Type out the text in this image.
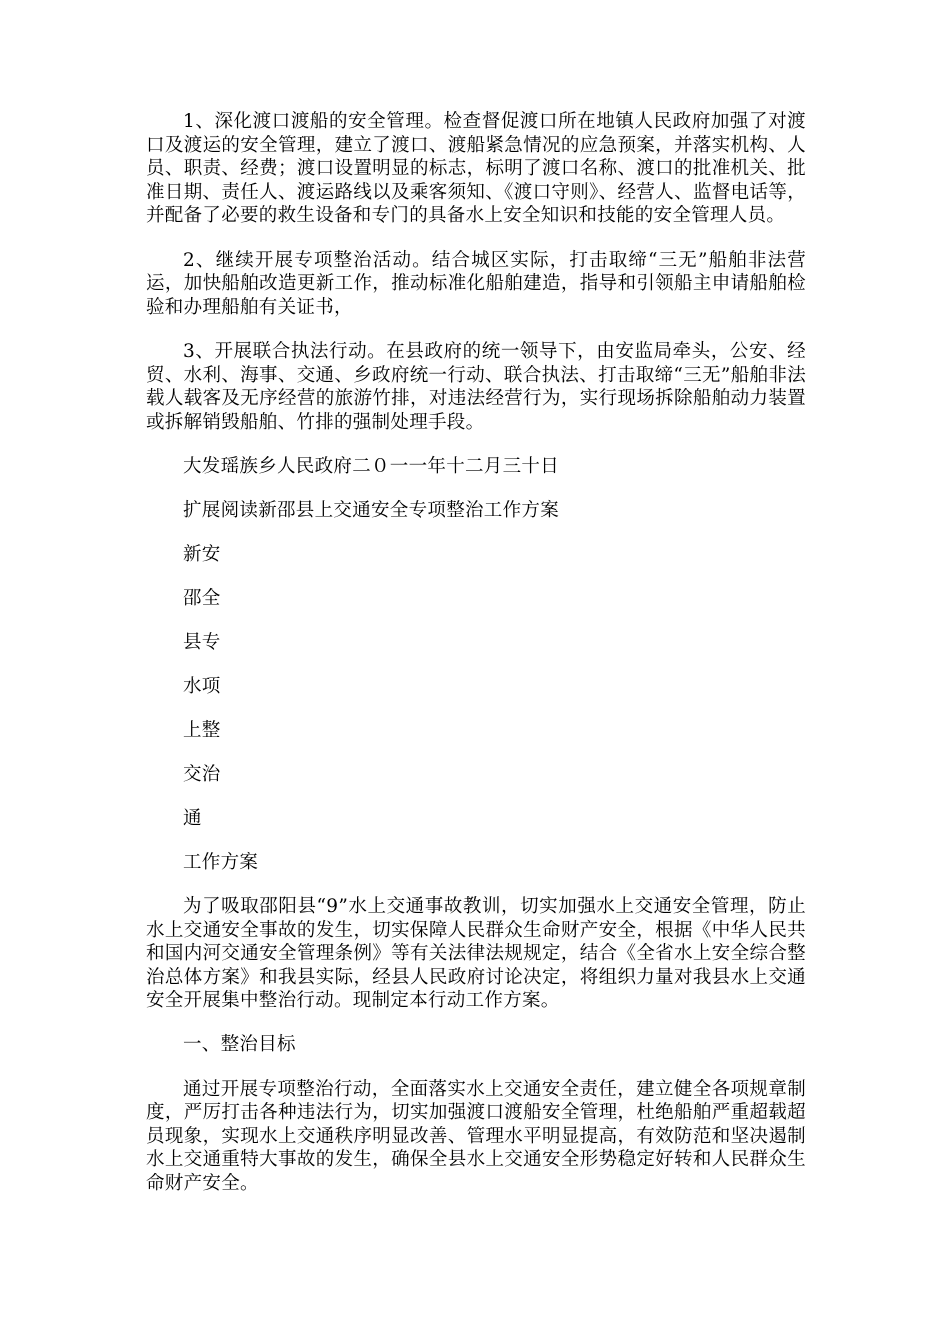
1、深化渡口渡船的安全管理。检查督促渡口所在地镇人民政府加强了对渡口及渡运的安全管理，建立了渡口、渡船紧急情况的应急预案，并落实机构、人员、职责、经费；渡口设置明显的标志，标明了渡口名称、渡口的批准机关、批准日期、责任人、渡运路线以及乘客须知、《渡口守则》、经营人、监督电话等，并配备了必要的救生设备和专门的具备水上安全知识和技能的安全管理人员。

2、继续开展专项整治活动。结合城区实际，打击取缔“三无”船舶非法营运，加快船舶改造更新工作，推动标准化船舶建造，指导和引领船主申请船舶检验和办理船舶有关证书，

3、开展联合执法行动。在县政府的统一领导下，由安监局牵头，公安、经贸、水利、海事、交通、乡政府统一行动、联合执法、打击取缔“三无”船舶非法载人载客及无序经营的旅游竹排，对违法经营行为，实行现场拆除船舶动力装置或拆解销毁船舶、竹排的强制处理手段。

大发瑶族乡人民政府二０一一年十二月三十日

扩展阅读新邵县上交通安全专项整治工作方案

新安

邵全

县专

水项

上整

交治

通

工作方案

为了吸取邵阳县“9”水上交通事故教训，切实加强水上交通安全管理，防止水上交通安全事故的发生，切实保障人民群众生命财产安全，根据《中华人民共和国内河交通安全管理条例》等有关法律法规规定，结合《全省水上安全综合整治总体方案》和我县实际，经县人民政府讨论决定，将组织力量对我县水上交通安全开展集中整治行动。现制定本行动工作方案。

一、整治目标

通过开展专项整治行动，全面落实水上交通安全责任，建立健全各项规章制度，严厉打击各种违法行为，切实加强渡口渡船安全管理，杜绝船舶严重超载超员现象，实现水上交通秩序明显改善、管理水平明显提高，有效防范和坚决遏制水上交通重特大事故的发生，确保全县水上交通安全形势稳定好转和人民群众生命财产安全。
